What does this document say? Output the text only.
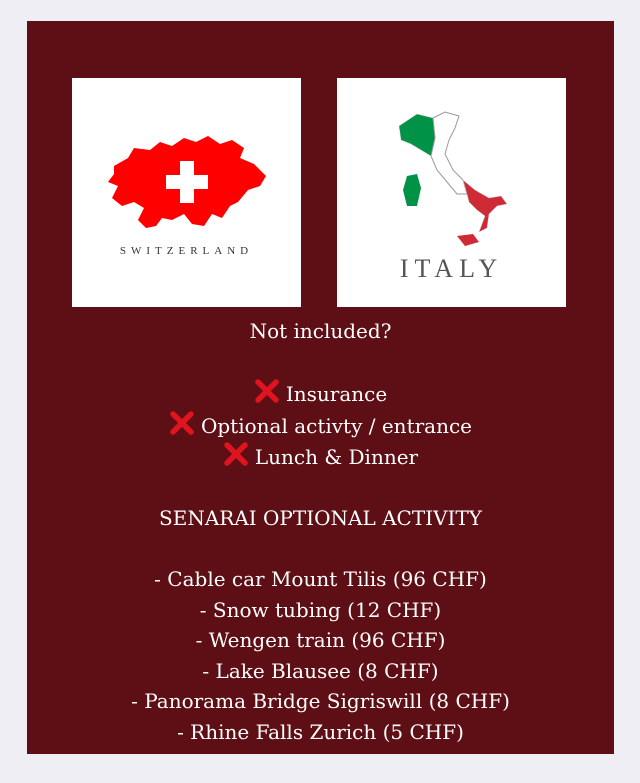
SWITZERLAND
ITALY
Not included?
Insurance
Optional activty / entrance
Lunch & Dinner
SENARAI OPTIONAL ACTIVITY
- Cable car Mount Tilis (96 CHF)
- Snow tubing (12 CHF)
- Wengen train (96 CHF)
- Lake Blausee (8 CHF)
- Panorama Bridge Sigriswill (8 CHF)
- Rhine Falls Zurich (5 CHF)
